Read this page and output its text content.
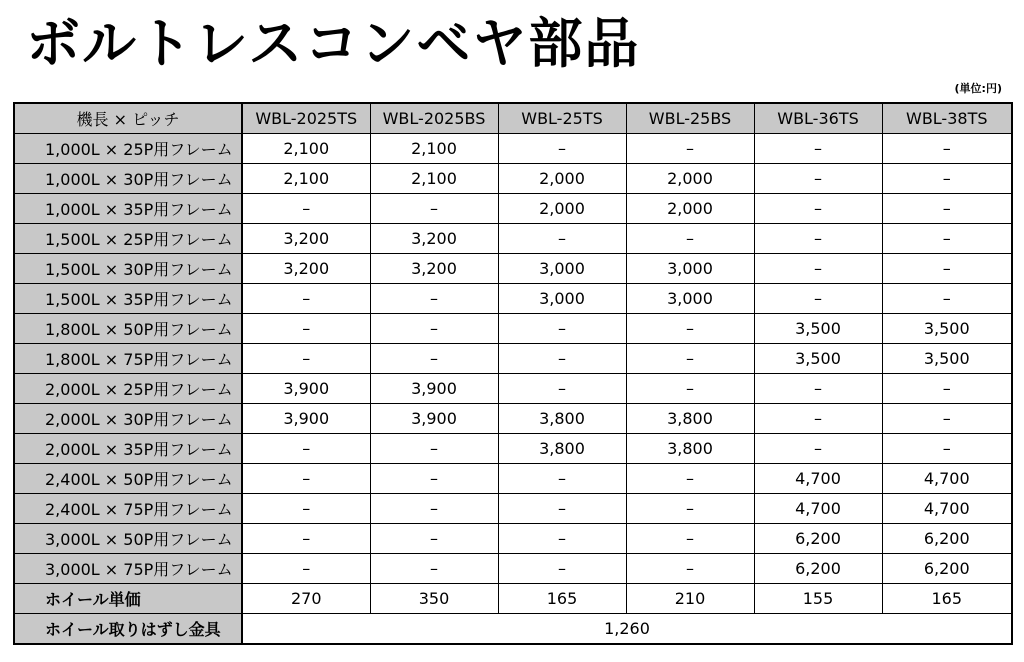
ボルトレスコンベヤ部品
(単位:円)
機長 × ピッチ	WBL-2025TS	WBL-2025BS	WBL-25TS	WBL-25BS	WBL-36TS	WBL-38TS
1,000L × 25P用フレーム	2,100	2,100	–	–	–	–
1,000L × 30P用フレーム	2,100	2,100	2,000	2,000	–	–
1,000L × 35P用フレーム	–	–	2,000	2,000	–	–
1,500L × 25P用フレーム	3,200	3,200	–	–	–	–
1,500L × 30P用フレーム	3,200	3,200	3,000	3,000	–	–
1,500L × 35P用フレーム	–	–	3,000	3,000	–	–
1,800L × 50P用フレーム	–	–	–	–	3,500	3,500
1,800L × 75P用フレーム	–	–	–	–	3,500	3,500
2,000L × 25P用フレーム	3,900	3,900	–	–	–	–
2,000L × 30P用フレーム	3,900	3,900	3,800	3,800	–	–
2,000L × 35P用フレーム	–	–	3,800	3,800	–	–
2,400L × 50P用フレーム	–	–	–	–	4,700	4,700
2,400L × 75P用フレーム	–	–	–	–	4,700	4,700
3,000L × 50P用フレーム	–	–	–	–	6,200	6,200
3,000L × 75P用フレーム	–	–	–	–	6,200	6,200
ホイール単価	270	350	165	210	155	165
ホイール取りはずし金具	1,260					
